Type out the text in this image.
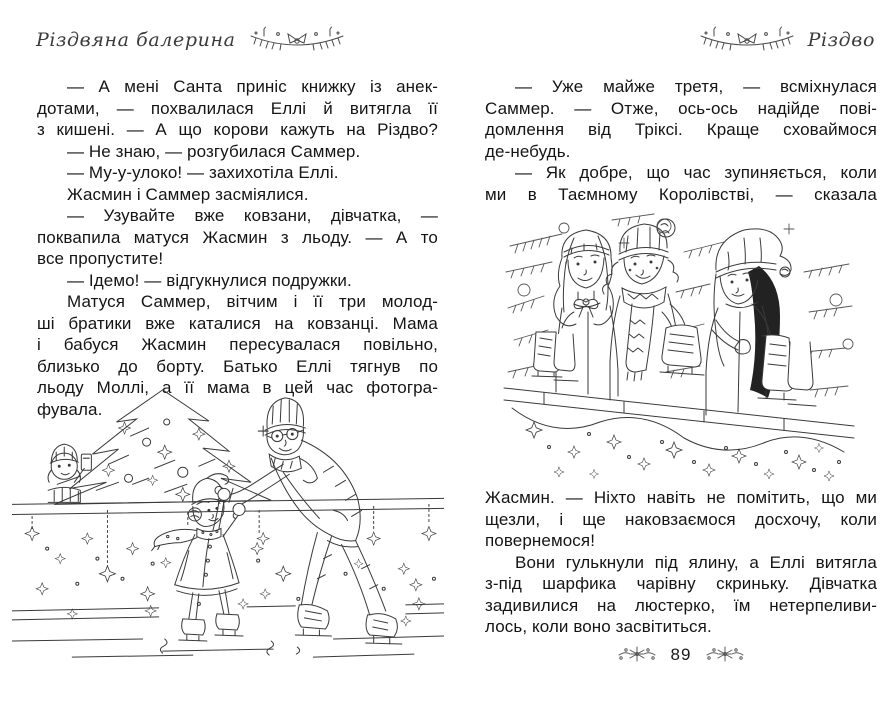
Різдвяна балерина	Різдво

— А мені Санта приніс книжку із анек-

дотами, — похвалилася Еллі й витягла її

з кишені. — А що корови кажуть на Різдво?

— Не знаю, — розгубилася Саммер.

— Му-у-улоко! — захихотіла Еллі.

Жасмин і Саммер засміялися.

— Узувайте вже ковзани, дівчатка, —

поквапила матуся Жасмин з льоду. — А то

все пропустите!

— Ідемо! — відгукнулися подружки.

Матуся Саммер, вітчим і її три молод-

ші братики вже каталися на ковзанці. Мама

і бабуся Жасмин пересувалася повільно,

близько до борту. Батько Еллі тягнув по

льоду Моллі, а її мама в цей час фотогра-

фувала.

— Уже майже третя, — всміхнулася

Саммер. — Отже, ось-ось надійде пові-

домлення від Тріксі. Краще сховаймося

де-небудь.

— Як добре, що час зупиняється, коли

ми в Таємному Королівстві, — сказала

Жасмин. — Ніхто навіть не помітить, що ми

щезли, і ще наковзаємося досхочу, коли

повернемося!

Вони гулькнули під ялину, а Еллі витягла

з-під шарфика чарівну скриньку. Дівчатка

задивилися на люстерко, їм нетерпеливи-

лось, коли воно засвітиться.

89
